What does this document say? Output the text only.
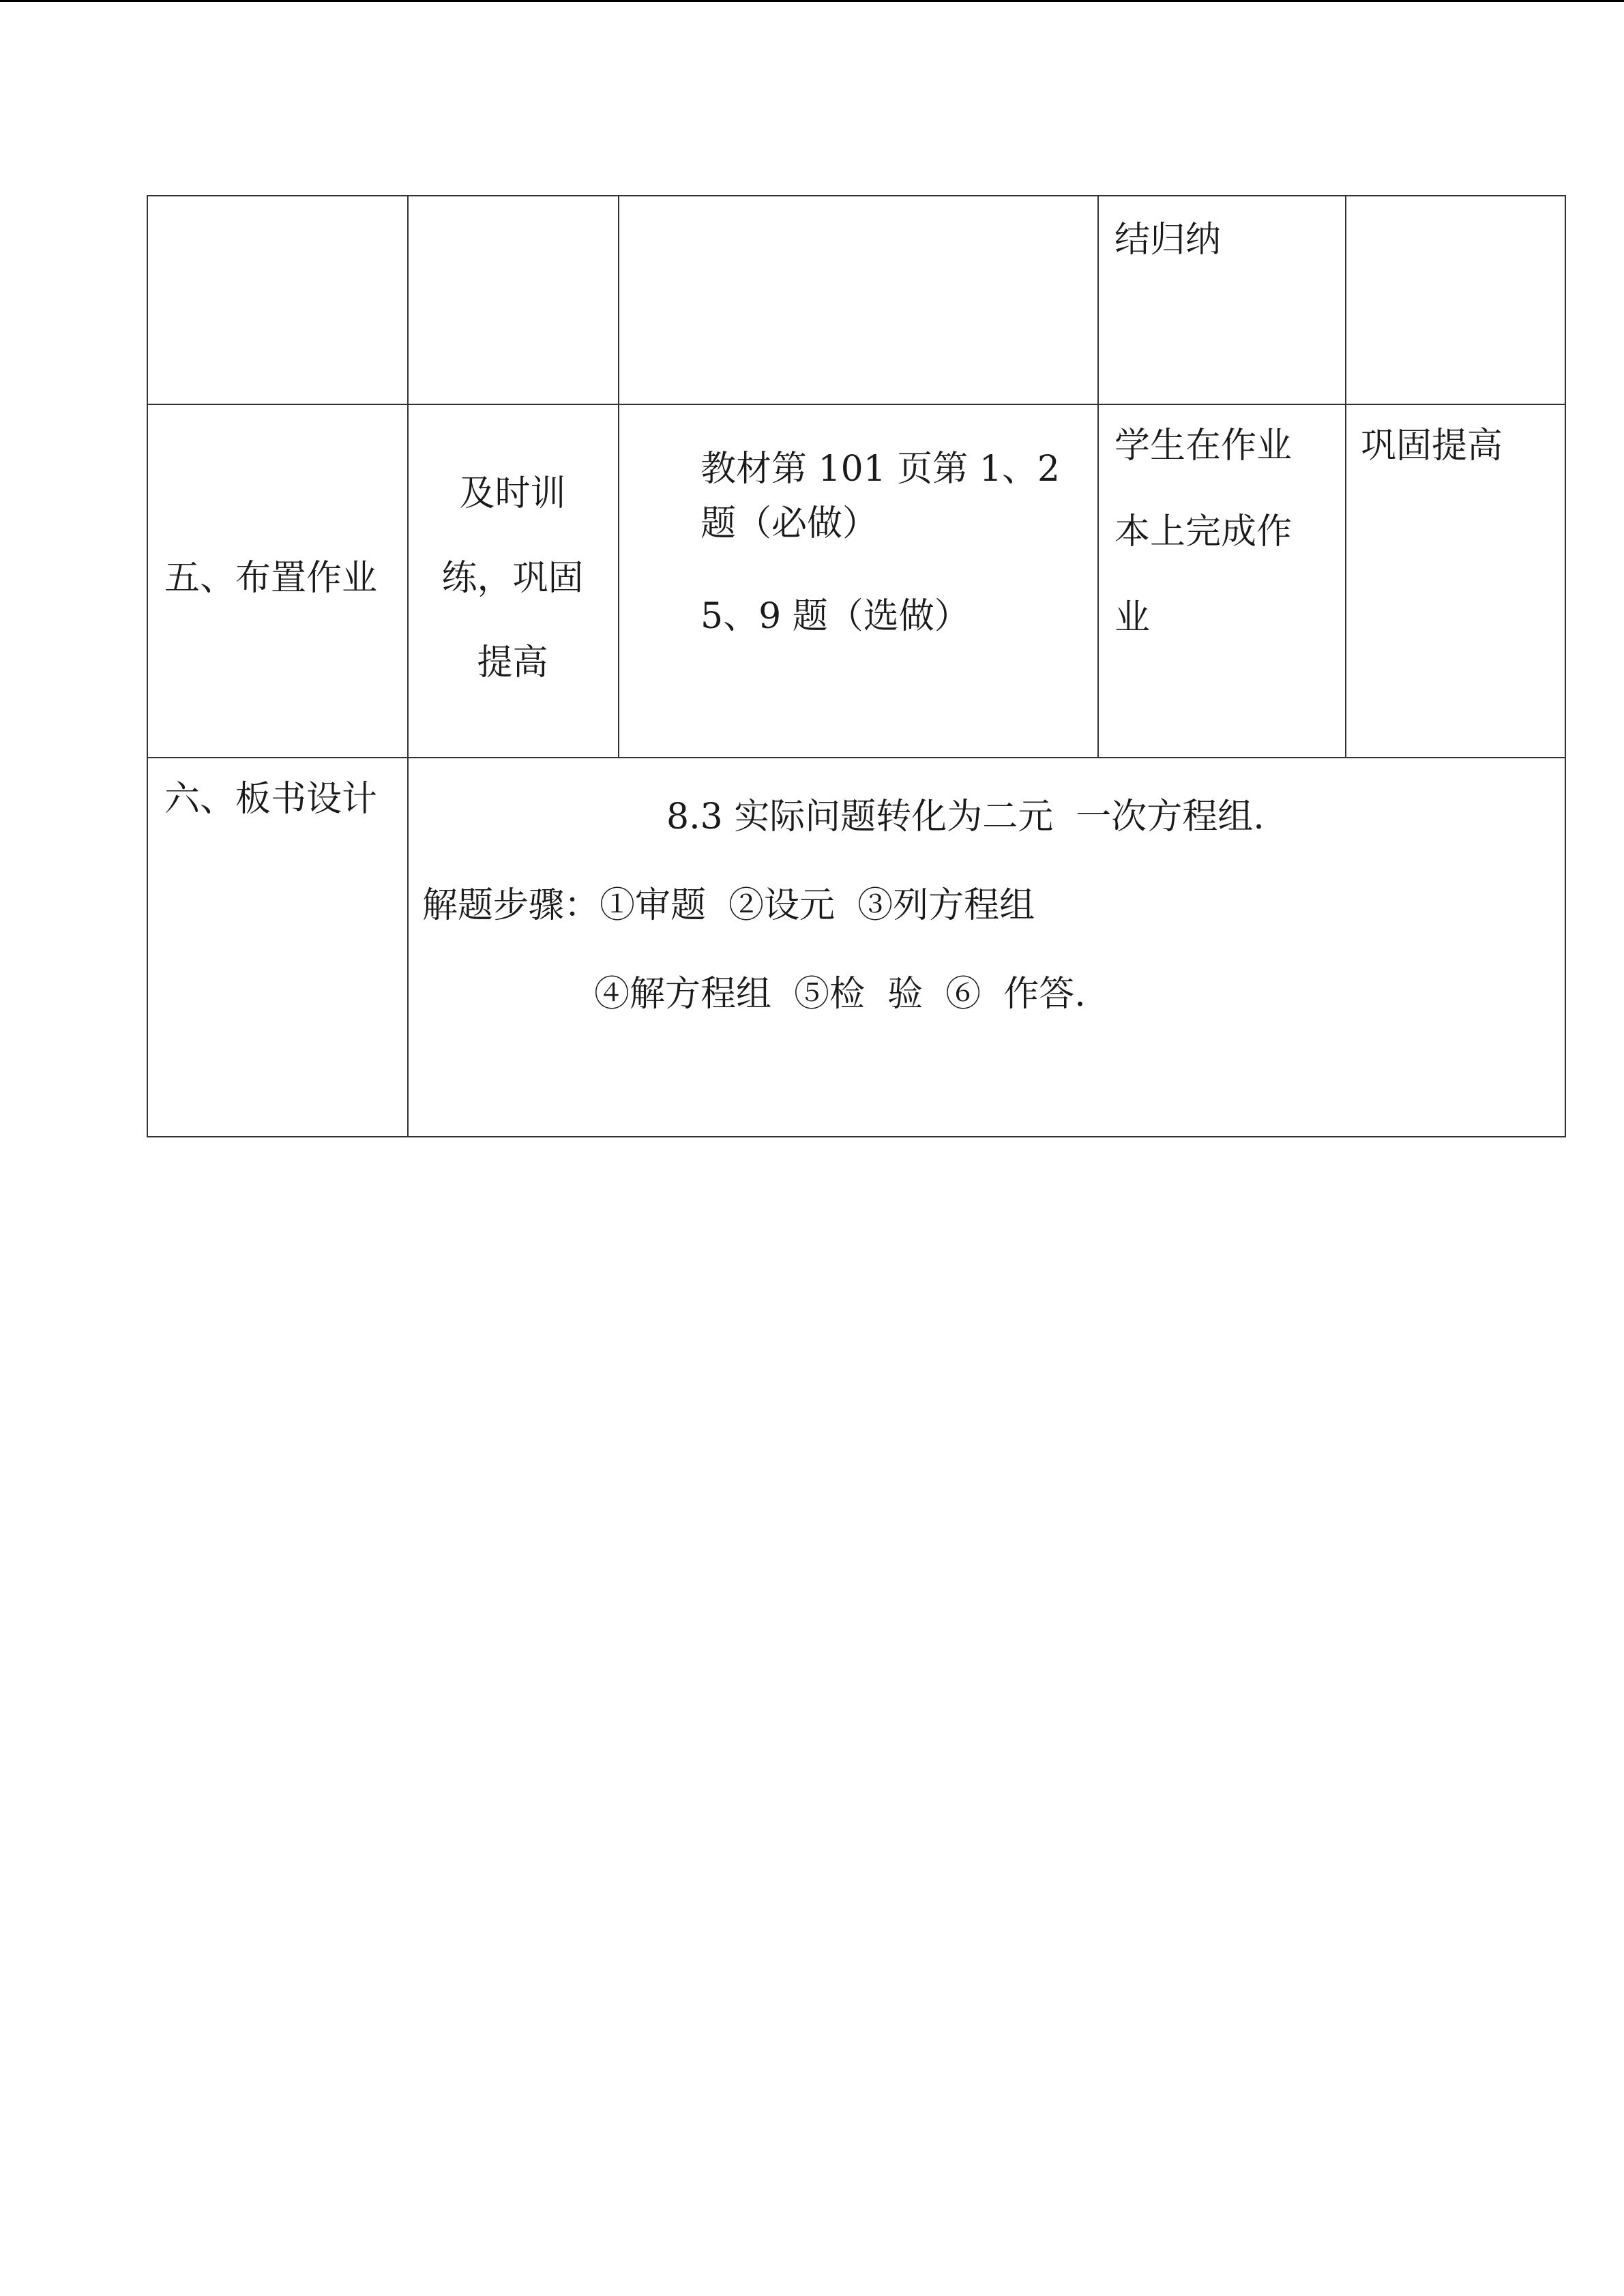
结归纳
五、布置作业
及时训
练，巩固
提高
教材第 101 页第 1、2
题（必做）
5、9 题（选做）
学生在作业
本上完成作
业
巩固提高
六、板书设计	8.3 实际问题转化为二元  一次方程组.
解题步骤：①审题  ②设元  ③列方程组
④解方程组  ⑤检  验  ⑥  作答.
